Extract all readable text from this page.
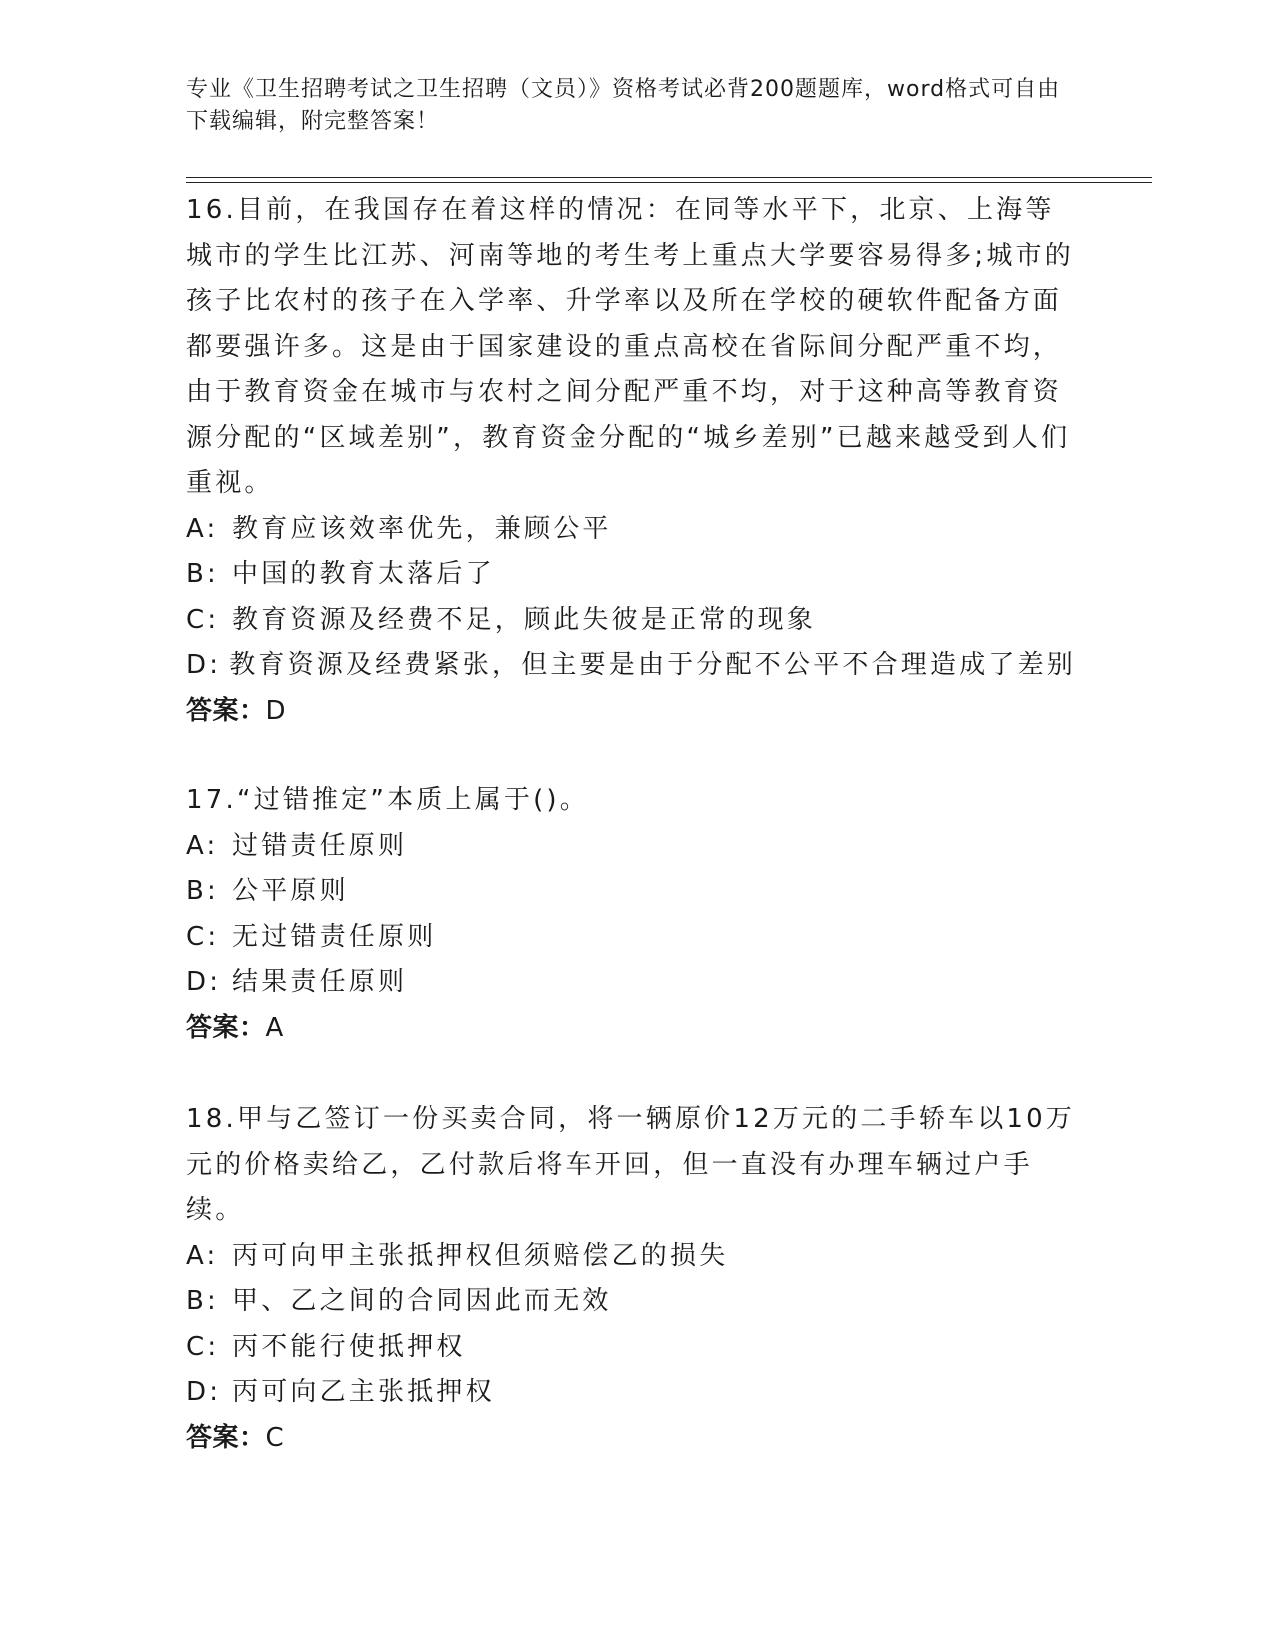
专业《卫生招聘考试之卫生招聘（文员）》资格考试必背200题题库，word格式可自由下载编辑，附完整答案！

16.目前，在我国存在着这样的情况：在同等水平下，北京、上海等城市的学生比江苏、河南等地的考生考上重点大学要容易得多;城市的孩子比农村的孩子在入学率、升学率以及所在学校的硬软件配备方面都要强许多。这是由于国家建设的重点高校在省际间分配严重不均，由于教育资金在城市与农村之间分配严重不均，对于这种高等教育资源分配的“区域差别”，教育资金分配的“城乡差别”已越来越受到人们重视。

A: 教育应该效率优先，兼顾公平

B: 中国的教育太落后了

C: 教育资源及经费不足，顾此失彼是正常的现象

D: 教育资源及经费紧张，但主要是由于分配不公平不合理造成了差别

答案：D

17.“过错推定”本质上属于()。

A: 过错责任原则

B: 公平原则

C: 无过错责任原则

D: 结果责任原则

答案：A

18.甲与乙签订一份买卖合同，将一辆原价12万元的二手轿车以10万元的价格卖给乙，乙付款后将车开回，但一直没有办理车辆过户手续。

A: 丙可向甲主张抵押权但须赔偿乙的损失

B: 甲、乙之间的合同因此而无效

C: 丙不能行使抵押权

D: 丙可向乙主张抵押权

答案：C
